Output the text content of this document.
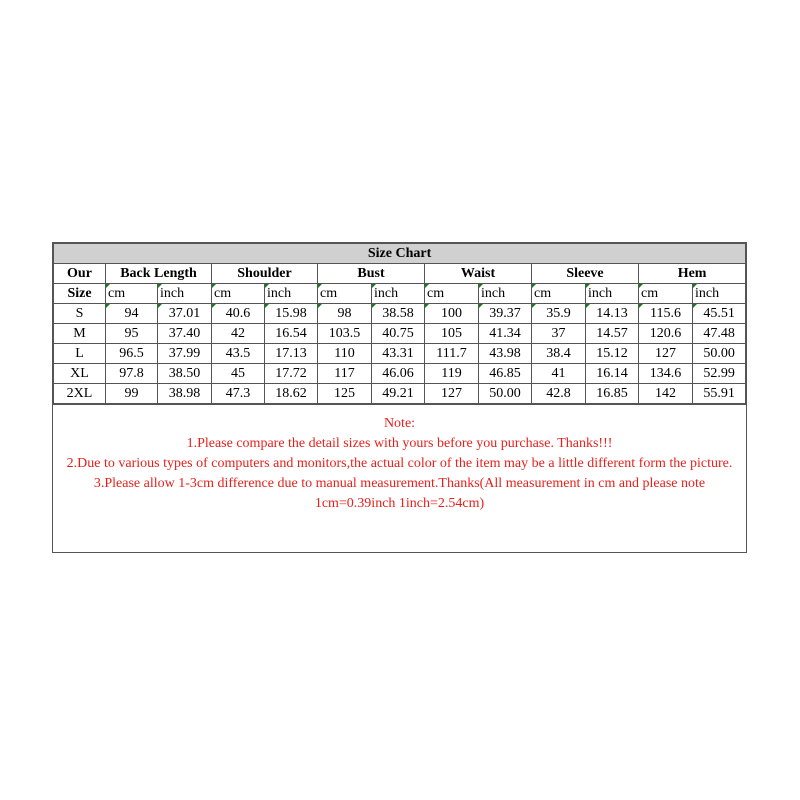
Size Chart												
Our	Back Length		Shoulder		Bust		Waist		Sleeve		Hem	
Size	cm	inch	cm	inch	cm	inch	cm	inch	cm	inch	cm	inch
S	94	37.01	40.6	15.98	98	38.58	100	39.37	35.9	14.13	115.6	45.51
M	95	37.40	42	16.54	103.5	40.75	105	41.34	37	14.57	120.6	47.48
L	96.5	37.99	43.5	17.13	110	43.31	111.7	43.98	38.4	15.12	127	50.00
XL	97.8	38.50	45	17.72	117	46.06	119	46.85	41	16.14	134.6	52.99
2XL	99	38.98	47.3	18.62	125	49.21	127	50.00	42.8	16.85	142	55.91

Note:

1.Please compare the detail sizes with yours before you purchase. Thanks!!!

2.Due to various types of computers and monitors,the actual color of the item may be a little different form the picture.

3.Please allow 1-3cm difference due to manual measurement.Thanks(All measurement in cm and please note 1cm=0.39inch 1inch=2.54cm)
